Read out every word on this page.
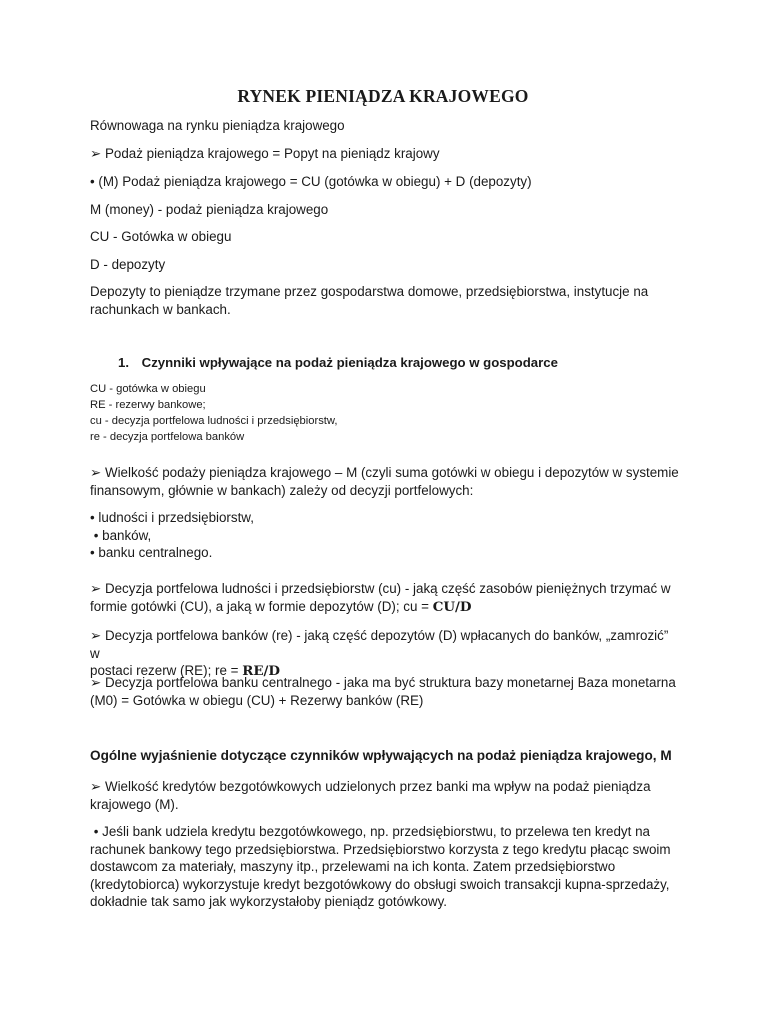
RYNEK PIENIĄDZA KRAJOWEGO

Równowaga na rynku pieniądza krajowego

➢ Podaż pieniądza krajowego = Popyt na pieniądz krajowy

• (M) Podaż pieniądza krajowego = CU (gotówka w obiegu) + D (depozyty)

M (money) - podaż pieniądza krajowego

CU - Gotówka w obiegu

D - depozyty

Depozyty to pieniądze trzymane przez gospodarstwa domowe, przedsiębiorstwa, instytucje na
rachunkach w bankach.

1. Czynniki wpływające na podaż pieniądza krajowego w gospodarce

CU - gotówka w obiegu
RE - rezerwy bankowe;
cu - decyzja portfelowa ludności i przedsiębiorstw,
re - decyzja portfelowa banków

➢ Wielkość podaży pieniądza krajowego – M (czyli suma gotówki w obiegu i depozytów w systemie
finansowym, głównie w bankach) zależy od decyzji portfelowych:

• ludności i przedsiębiorstw,
• banków,
• banku centralnego.

➢ Decyzja portfelowa ludności i przedsiębiorstw (cu) - jaką część zasobów pieniężnych trzymać w
formie gotówki (CU), a jaką w formie depozytów (D); cu = CU/D

➢ Decyzja portfelowa banków (re) - jaką część depozytów (D) wpłacanych do banków, „zamrozić” w
postaci rezerw (RE); re = RE/D

➢ Decyzja portfelowa banku centralnego - jaka ma być struktura bazy monetarnej Baza monetarna
(M0) = Gotówka w obiegu (CU) + Rezerwy banków (RE)

Ogólne wyjaśnienie dotyczące czynników wpływających na podaż pieniądza krajowego, M

➢ Wielkość kredytów bezgotówkowych udzielonych przez banki ma wpływ na podaż pieniądza
krajowego (M).

• Jeśli bank udziela kredytu bezgotówkowego, np. przedsiębiorstwu, to przelewa ten kredyt na
rachunek bankowy tego przedsiębiorstwa. Przedsiębiorstwo korzysta z tego kredytu płacąc swoim
dostawcom za materiały, maszyny itp., przelewami na ich konta. Zatem przedsiębiorstwo
(kredytobiorca) wykorzystuje kredyt bezgotówkowy do obsługi swoich transakcji kupna-sprzedaży,
dokładnie tak samo jak wykorzystałoby pieniądz gotówkowy.
